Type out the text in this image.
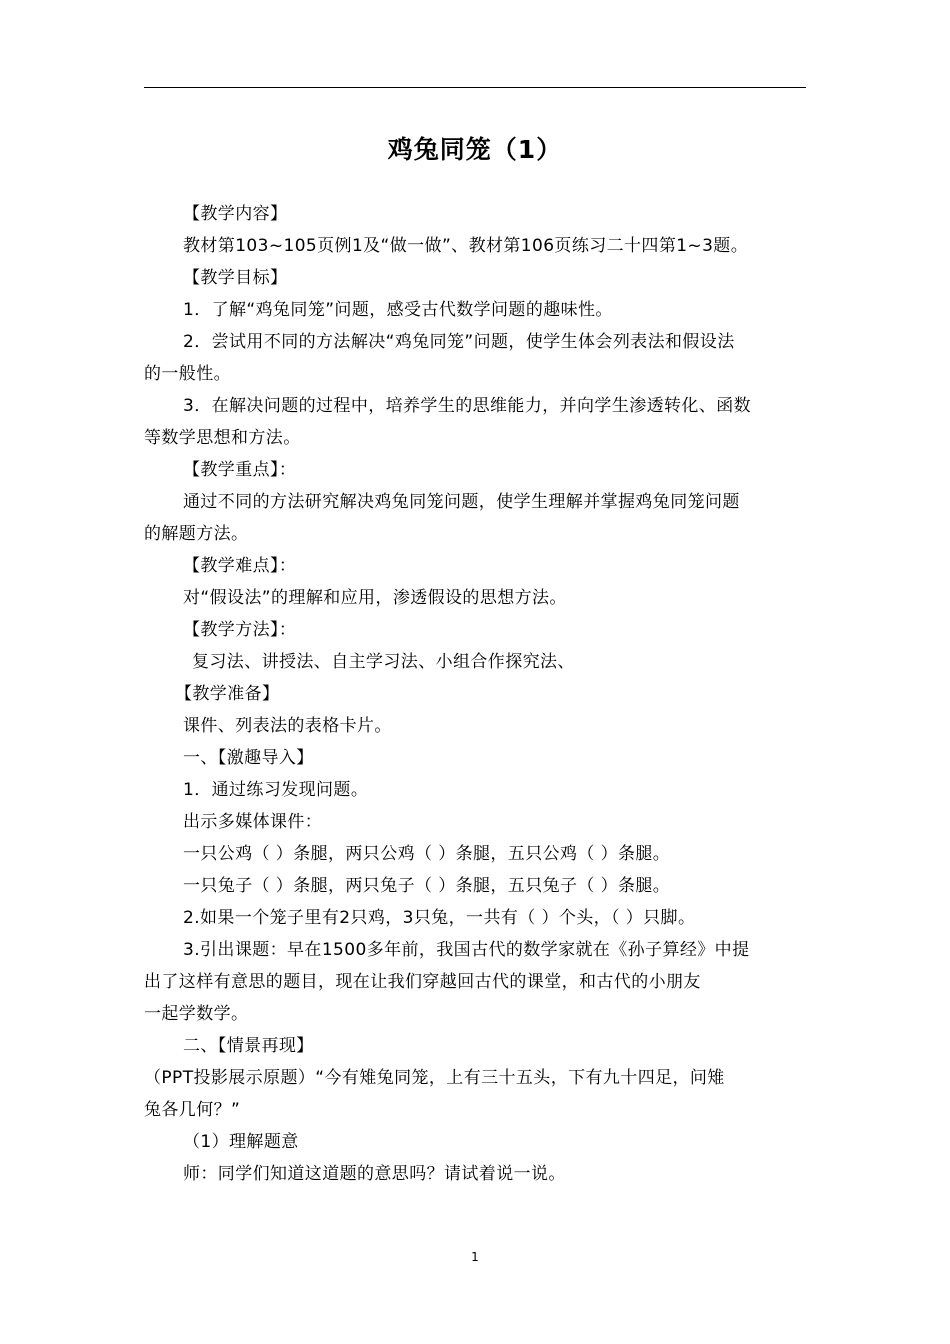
鸡兔同笼（1）
【教学内容】
教材第103~105页例1及“做一做”、教材第106页练习二十四第1~3题。
【教学目标】
1．了解“鸡兔同笼”问题，感受古代数学问题的趣味性。
2．尝试用不同的方法解决“鸡兔同笼”问题，使学生体会列表法和假设法
的一般性。
3．在解决问题的过程中，培养学生的思维能力，并向学生渗透转化、函数
等数学思想和方法。
【教学重点】：
通过不同的方法研究解决鸡兔同笼问题，使学生理解并掌握鸡兔同笼问题
的解题方法。
【教学难点】：
对“假设法”的理解和应用，渗透假设的思想方法。
【教学方法】：
复习法、讲授法、自主学习法、小组合作探究法、
【教学准备】
课件、列表法的表格卡片。
一、【激趣导入】
1．通过练习发现问题。
出示多媒体课件：
一只公鸡（ ）条腿，两只公鸡（ ）条腿，五只公鸡（ ）条腿。
一只兔子（ ）条腿，两只兔子（ ）条腿，五只兔子（ ）条腿。
2.如果一个笼子里有2只鸡，3只兔，一共有（ ）个头，（ ）只脚。
3.引出课题：早在1500多年前，我国古代的数学家就在《孙子算经》中提
出了这样有意思的题目，现在让我们穿越回古代的课堂，和古代的小朋友
一起学数学。
二、【情景再现】
（PPT投影展示原题）“今有雉兔同笼，上有三十五头，下有九十四足，问雉
兔各几何？”
（1）理解题意
师：同学们知道这道题的意思吗？请试着说一说。
1
